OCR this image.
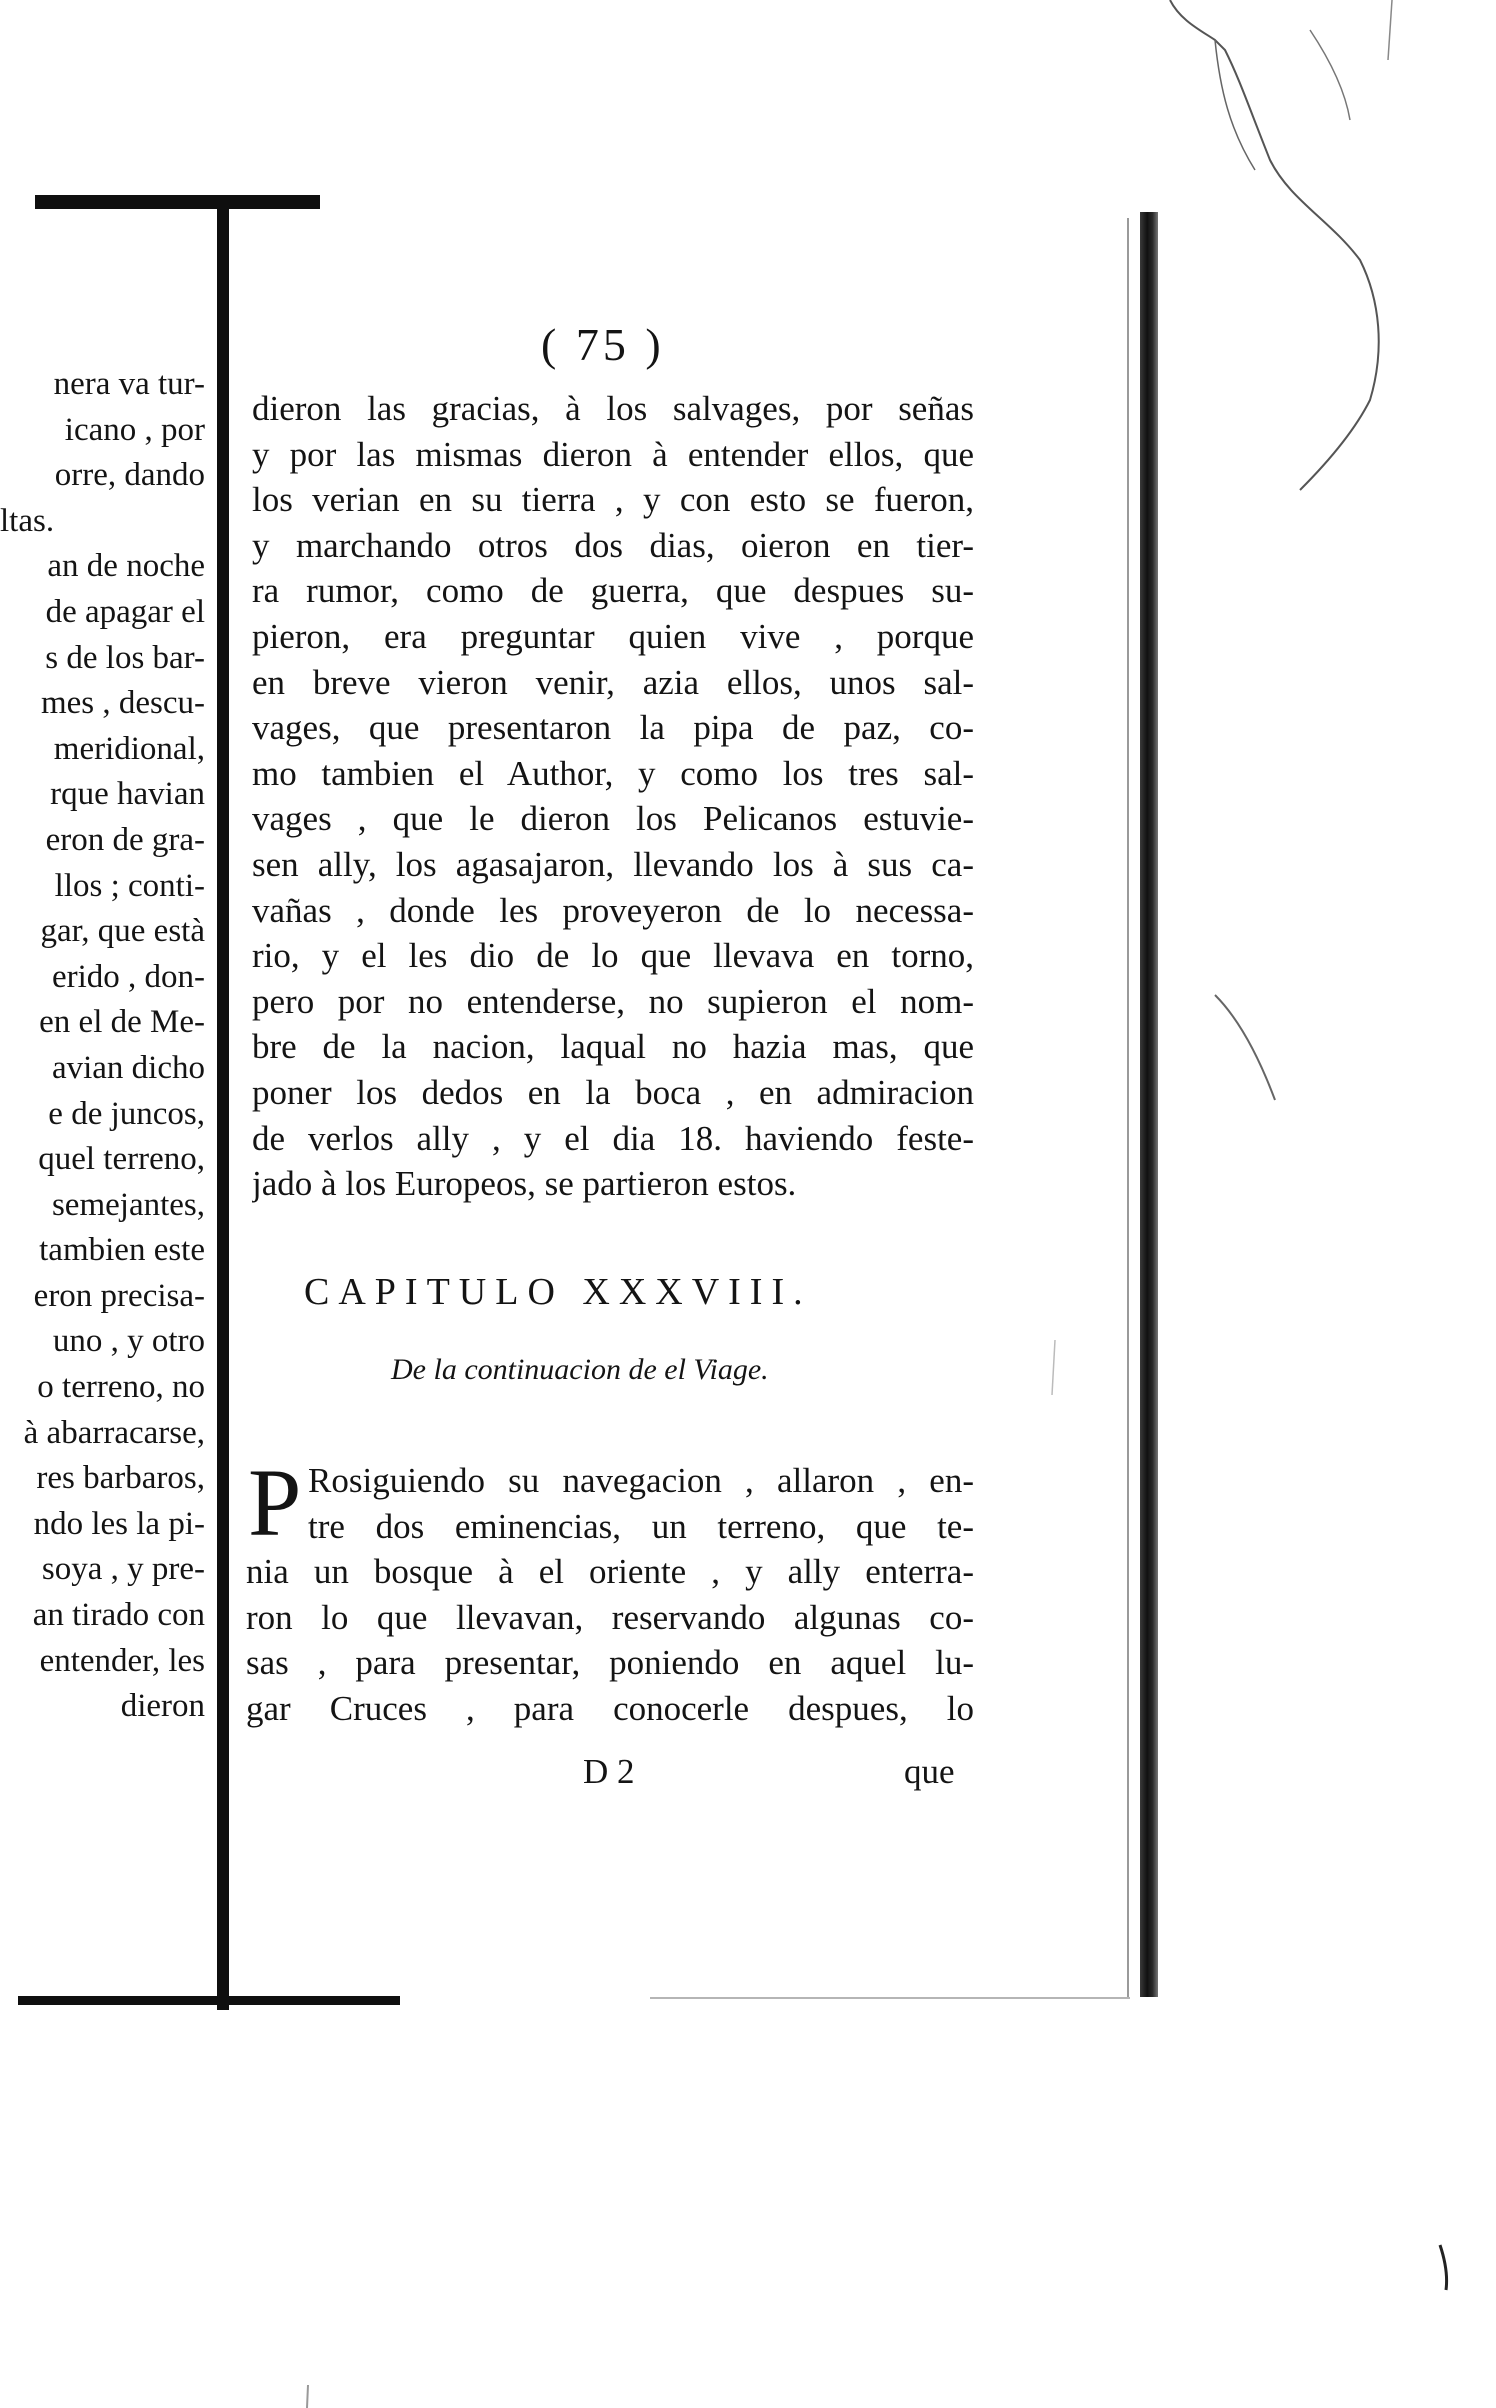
nera va tur-
icano , por
orre, dando
ltas.
an de noche
de apagar el
s de los bar-
mes , descu-
meridional,
rque havian
eron de gra-
llos ; conti-
gar, que està
erido , don-
en el de Me-
avian dicho
e de juncos,
quel terreno,
semejantes,
tambien este
eron precisa-
uno , y otro
o terreno, no
à abarracarse,
res barbaros,
ndo les la pi-
soya , y pre-
an tirado con
entender, les
dieron
( 75 )
dieron las gracias, à los salvages, por señas
y por las mismas dieron à entender ellos, que
los verian en su tierra , y con esto se fueron,
y marchando otros dos dias, oieron en tier-
ra rumor, como de guerra, que despues su-
pieron, era preguntar quien vive , porque
en breve vieron venir, azia ellos, unos sal-
vages, que presentaron la pipa de paz, co-
mo tambien el Author, y como los tres sal-
vages , que le dieron los Pelicanos estuvie-
sen ally, los agasajaron, llevando los à sus ca-
vañas , donde les proveyeron de lo necessa-
rio, y el les dio de lo que llevava en torno,
pero por no entenderse, no supieron el nom-
bre de la nacion, laqual no hazia mas, que
poner los dedos en la boca , en admiracion
de verlos ally , y el dia 18. haviendo feste-
jado à los Europeos, se partieron estos.
CAPITULO XXXVIII.
De la continuacion de el Viage.
P Rosiguiendo su navegacion , allaron , en-
tre dos eminencias, un terreno, que te-
nia un bosque à el oriente , y ally enterra-
ron lo que llevavan, reservando algunas co-
sas , para presentar, poniendo en aquel lu-
gar Cruces , para conocerle despues, lo
D 2	que
